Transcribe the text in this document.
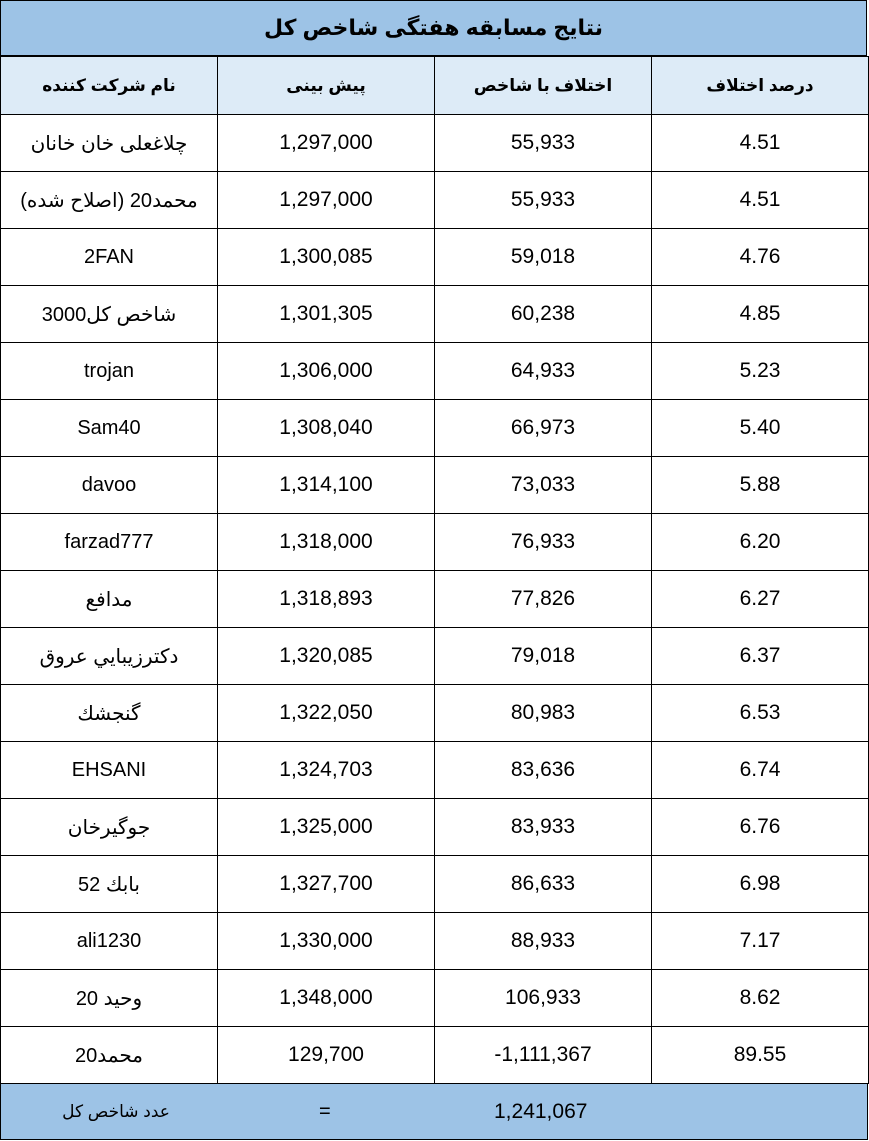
نتایج مسابقه هفتگی شاخص کل
نام شرکت کننده	پیش بینی	اختلاف با شاخص	درصد اختلاف
چلاغعلی خان خانان	1,297,000	55,933	4.51
محمد20 (اصلاح شده)	1,297,000	55,933	4.51
2FAN	1,300,085	59,018	4.76
شاخص کل3000	1,301,305	60,238	4.85
trojan	1,306,000	64,933	5.23
Sam40	1,308,040	66,973	5.40
davoo	1,314,100	73,033	5.88
farzad777	1,318,000	76,933	6.20
مدافع	1,318,893	77,826	6.27
دكترزيبايي عروق	1,320,085	79,018	6.37
گنجشك	1,322,050	80,983	6.53
EHSANI	1,324,703	83,636	6.74
جوگیرخان	1,325,000	83,933	6.76
بابك 52	1,327,700	86,633	6.98
ali1230	1,330,000	88,933	7.17
وحید 20	1,348,000	106,933	8.62
محمد20	129,700	-1,111,367	89.55
عدد شاخص کل	=	1,241,067
